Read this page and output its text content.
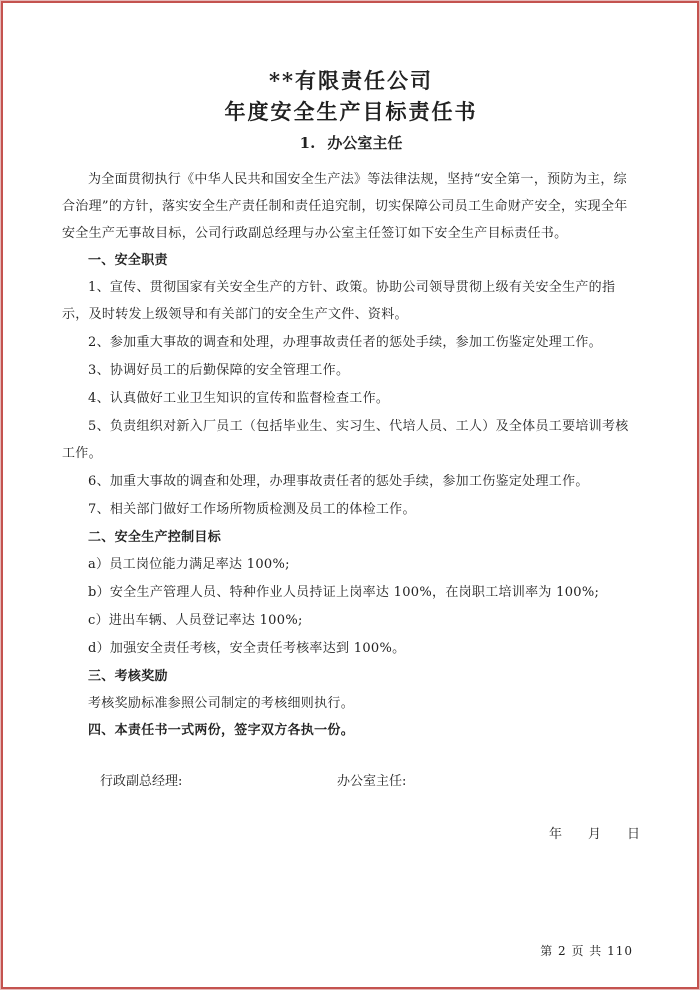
**有限责任公司
年度安全生产目标责任书
1. 办公室主任

为全面贯彻执行《中华人民共和国安全生产法》等法律法规，坚持“安全第一，预防为主，综合治理”的方针，落实安全生产责任制和责任追究制，切实保障公司员工生命财产安全，实现全年安全生产无事故目标，公司行政副总经理与办公室主任签订如下安全生产目标责任书。

一、安全职责

1、宣传、贯彻国家有关安全生产的方针、政策。协助公司领导贯彻上级有关安全生产的指示，及时转发上级领导和有关部门的安全生产文件、资料。

2、参加重大事故的调查和处理，办理事故责任者的惩处手续，参加工伤鉴定处理工作。

3、协调好员工的后勤保障的安全管理工作。

4、认真做好工业卫生知识的宣传和监督检查工作。

5、负责组织对新入厂员工（包括毕业生、实习生、代培人员、工人）及全体员工要培训考核工作。

6、加重大事故的调查和处理，办理事故责任者的惩处手续，参加工伤鉴定处理工作。

7、相关部门做好工作场所物质检测及员工的体检工作。

二、安全生产控制目标

a）员工岗位能力满足率达 100%;

b）安全生产管理人员、特种作业人员持证上岗率达 100%，在岗职工培训率为 100%;

c）进出车辆、人员登记率达 100%;

d）加强安全责任考核，安全责任考核率达到 100%。

三、考核奖励

考核奖励标准参照公司制定的考核细则执行。

四、本责任书一式两份，签字双方各执一份。

行政副总经理:	办公室主任:
年　　月　　日
第 2 页 共 110
